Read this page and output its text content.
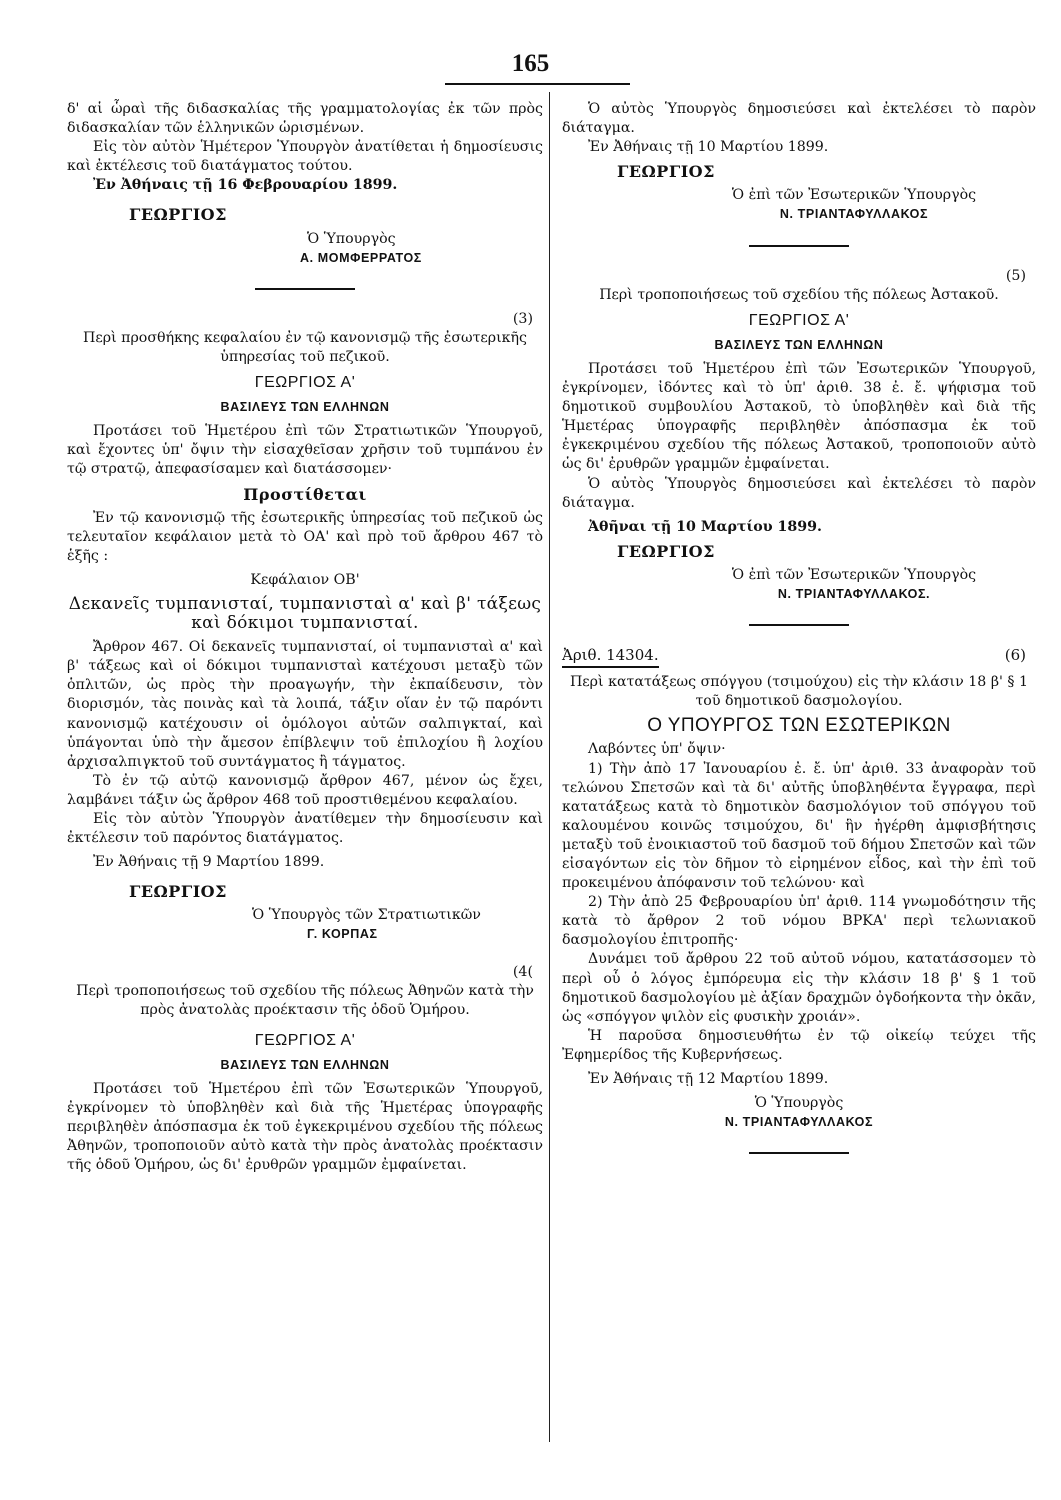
165

δ' αἱ ὧραὶ τῆς διδασκαλίας τῆς γραμματολογίας ἐκ τῶν πρὸς διδασκαλίαν τῶν ἑλληνικῶν ὡρισμένων.

Εἰς τὸν αὐτὸν Ἡμέτερον Ὑπουργὸν ἀνατίθεται ἡ δημοσίευσις καὶ ἐκτέλεσις τοῦ διατάγματος τούτου.

Ἐν Ἀθήναις τῇ 16 Φεβρουαρίου 1899.

ΓΕΩΡΓΙΟΣ

Ὁ Ὑπουργὸς

Α. ΜΟΜΦΕΡΡΑΤΟΣ

(3)

Περὶ προσθήκης κεφαλαίου ἐν τῷ κανονισμῷ τῆς ἐσωτερικῆς ὑπηρεσίας τοῦ πεζικοῦ.

ΓΕΩΡΓΙΟΣ Α'

ΒΑΣΙΛΕΥΣ ΤΩΝ ΕΛΛΗΝΩΝ

Προτάσει τοῦ Ἡμετέρου ἐπὶ τῶν Στρατιωτικῶν Ὑπουργοῦ, καὶ ἔχοντες ὑπ' ὄψιν τὴν εἰσαχθεῖσαν χρῆσιν τοῦ τυμπάνου ἐν τῷ στρατῷ, ἀπεφασίσαμεν καὶ διατάσσομεν·

Προστίθεται

Ἐν τῷ κανονισμῷ τῆς ἐσωτερικῆς ὑπηρεσίας τοῦ πεζικοῦ ὡς τελευταῖον κεφάλαιον μετὰ τὸ ΟΑ' καὶ πρὸ τοῦ ἄρθρου 467 τὸ ἑξῆς :

Κεφάλαιον ΟΒ'

Δεκανεῖς τυμπανισταί, τυμπανισταὶ α' καὶ β' τάξεως καὶ δόκιμοι τυμπανισταί.

Ἄρθρον 467. Οἱ δεκανεῖς τυμπανισταί, οἱ τυμπανισταὶ α' καὶ β' τάξεως καὶ οἱ δόκιμοι τυμπανισταὶ κατέχουσι μεταξὺ τῶν ὁπλιτῶν, ὡς πρὸς τὴν προαγωγήν, τὴν ἐκπαίδευσιν, τὸν διορισμόν, τὰς ποινὰς καὶ τὰ λοιπά, τάξιν οἵαν ἐν τῷ παρόντι κανονισμῷ κατέχουσιν οἱ ὁμόλογοι αὐτῶν σαλπιγκταί, καὶ ὑπάγονται ὑπὸ τὴν ἄμεσον ἐπίβλεψιν τοῦ ἐπιλοχίου ἢ λοχίου ἀρχισαλπιγκτοῦ τοῦ συντάγματος ἢ τάγματος.

Τὸ ἐν τῷ αὐτῷ κανονισμῷ ἄρθρον 467, μένον ὡς ἔχει, λαμβάνει τάξιν ὡς ἄρθρον 468 τοῦ προστιθεμένου κεφαλαίου.

Εἰς τὸν αὐτὸν Ὑπουργὸν ἀνατίθεμεν τὴν δημοσίευσιν καὶ ἐκτέλεσιν τοῦ παρόντος διατάγματος.

Ἐν Ἀθήναις τῇ 9 Μαρτίου 1899.

ΓΕΩΡΓΙΟΣ

Ὁ Ὑπουργὸς τῶν Στρατιωτικῶν

Γ. ΚΟΡΠΑΣ

(4(

Περὶ τροποποιήσεως τοῦ σχεδίου τῆς πόλεως Ἀθηνῶν κατὰ τὴν πρὸς ἀνατολὰς προέκτασιν τῆς ὁδοῦ Ὁμήρου.

ΓΕΩΡΓΙΟΣ Α'

ΒΑΣΙΛΕΥΣ ΤΩΝ ΕΛΛΗΝΩΝ

Προτάσει τοῦ Ἡμετέρου ἐπὶ τῶν Ἐσωτερικῶν Ὑπουργοῦ, ἐγκρίνομεν τὸ ὑποβληθὲν καὶ διὰ τῆς Ἡμετέρας ὑπογραφῆς περιβληθὲν ἀπόσπασμα ἐκ τοῦ ἐγκεκριμένου σχεδίου τῆς πόλεως Ἀθηνῶν, τροποποιοῦν αὐτὸ κατὰ τὴν πρὸς ἀνατολὰς προέκτασιν τῆς ὁδοῦ Ὁμήρου, ὡς δι' ἐρυθρῶν γραμμῶν ἐμφαίνεται.

Ὁ αὐτὸς Ὑπουργὸς δημοσιεύσει καὶ ἐκτελέσει τὸ παρὸν διάταγμα.

Ἐν Ἀθήναις τῇ 10 Μαρτίου 1899.

ΓΕΩΡΓΙΟΣ

Ὁ ἐπὶ τῶν Ἐσωτερικῶν Ὑπουργὸς

Ν. ΤΡΙΑΝΤΑΦΥΛΛΑΚΟΣ

(5)

Περὶ τροποποιήσεως τοῦ σχεδίου τῆς πόλεως Ἀστακοῦ.

ΓΕΩΡΓΙΟΣ Α'

ΒΑΣΙΛΕΥΣ ΤΩΝ ΕΛΛΗΝΩΝ

Προτάσει τοῦ Ἡμετέρου ἐπὶ τῶν Ἐσωτερικῶν Ὑπουργοῦ, ἐγκρίνομεν, ἰδόντες καὶ τὸ ὑπ' ἀριθ. 38 ἐ. ἔ. ψήφισμα τοῦ δημοτικοῦ συμβουλίου Ἀστακοῦ, τὸ ὑποβληθὲν καὶ διὰ τῆς Ἡμετέρας ὑπογραφῆς περιβληθὲν ἀπόσπασμα ἐκ τοῦ ἐγκεκριμένου σχεδίου τῆς πόλεως Ἀστακοῦ, τροποποιοῦν αὐτὸ ὡς δι' ἐρυθρῶν γραμμῶν ἐμφαίνεται.

Ὁ αὐτὸς Ὑπουργὸς δημοσιεύσει καὶ ἐκτελέσει τὸ παρὸν διάταγμα.

Ἀθῆναι τῇ 10 Μαρτίου 1899.

ΓΕΩΡΓΙΟΣ

Ὁ ἐπὶ τῶν Ἐσωτερικῶν Ὑπουργὸς

Ν. ΤΡΙΑΝΤΑΦΥΛΛΑΚΟΣ.

Ἀριθ. 14304.	(6)

Περὶ κατατάξεως σπόγγου (τσιμούχου) εἰς τὴν κλάσιν 18 β' § 1 τοῦ δημοτικοῦ δασμολογίου.

Ο ΥΠΟΥΡΓΟΣ ΤΩΝ ΕΣΩΤΕΡΙΚΩΝ

Λαβόντες ὑπ' ὄψιν·

1) Τὴν ἀπὸ 17 Ἰανουαρίου ἐ. ἔ. ὑπ' ἀριθ. 33 ἀναφορὰν τοῦ τελώνου Σπετσῶν καὶ τὰ δι' αὐτῆς ὑποβληθέντα ἔγγραφα, περὶ κατατάξεως κατὰ τὸ δημοτικὸν δασμολόγιον τοῦ σπόγγου τοῦ καλουμένου κοινῶς τσιμούχου, δι' ἣν ἠγέρθη ἀμφισβήτησις μεταξὺ τοῦ ἐνοικιαστοῦ τοῦ δασμοῦ τοῦ δήμου Σπετσῶν καὶ τῶν εἰσαγόντων εἰς τὸν δῆμον τὸ εἰρημένον εἶδος, καὶ τὴν ἐπὶ τοῦ προκειμένου ἀπόφανσιν τοῦ τελώνου· καὶ

2) Τὴν ἀπὸ 25 Φεβρουαρίου ὑπ' ἀριθ. 114 γνωμοδότησιν τῆς κατὰ τὸ ἄρθρον 2 τοῦ νόμου ΒΡΚΑ' περὶ τελωνιακοῦ δασμολογίου ἐπιτροπῆς·

Δυνάμει τοῦ ἄρθρου 22 τοῦ αὐτοῦ νόμου, κατατάσσομεν τὸ περὶ οὗ ὁ λόγος ἐμπόρευμα εἰς τὴν κλάσιν 18 β' § 1 τοῦ δημοτικοῦ δασμολογίου μὲ ἀξίαν δραχμῶν ὀγδοήκοντα τὴν ὀκᾶν, ὡς «σπόγγον ψιλὸν εἰς φυσικὴν χροιάν».

Ἡ παροῦσα δημοσιευθήτω ἐν τῷ οἰκείῳ τεύχει τῆς Ἐφημερίδος τῆς Κυβερνήσεως.

Ἐν Ἀθήναις τῇ 12 Μαρτίου 1899.

Ὁ Ὑπουργὸς

Ν. ΤΡΙΑΝΤΑΦΥΛΛΑΚΟΣ
